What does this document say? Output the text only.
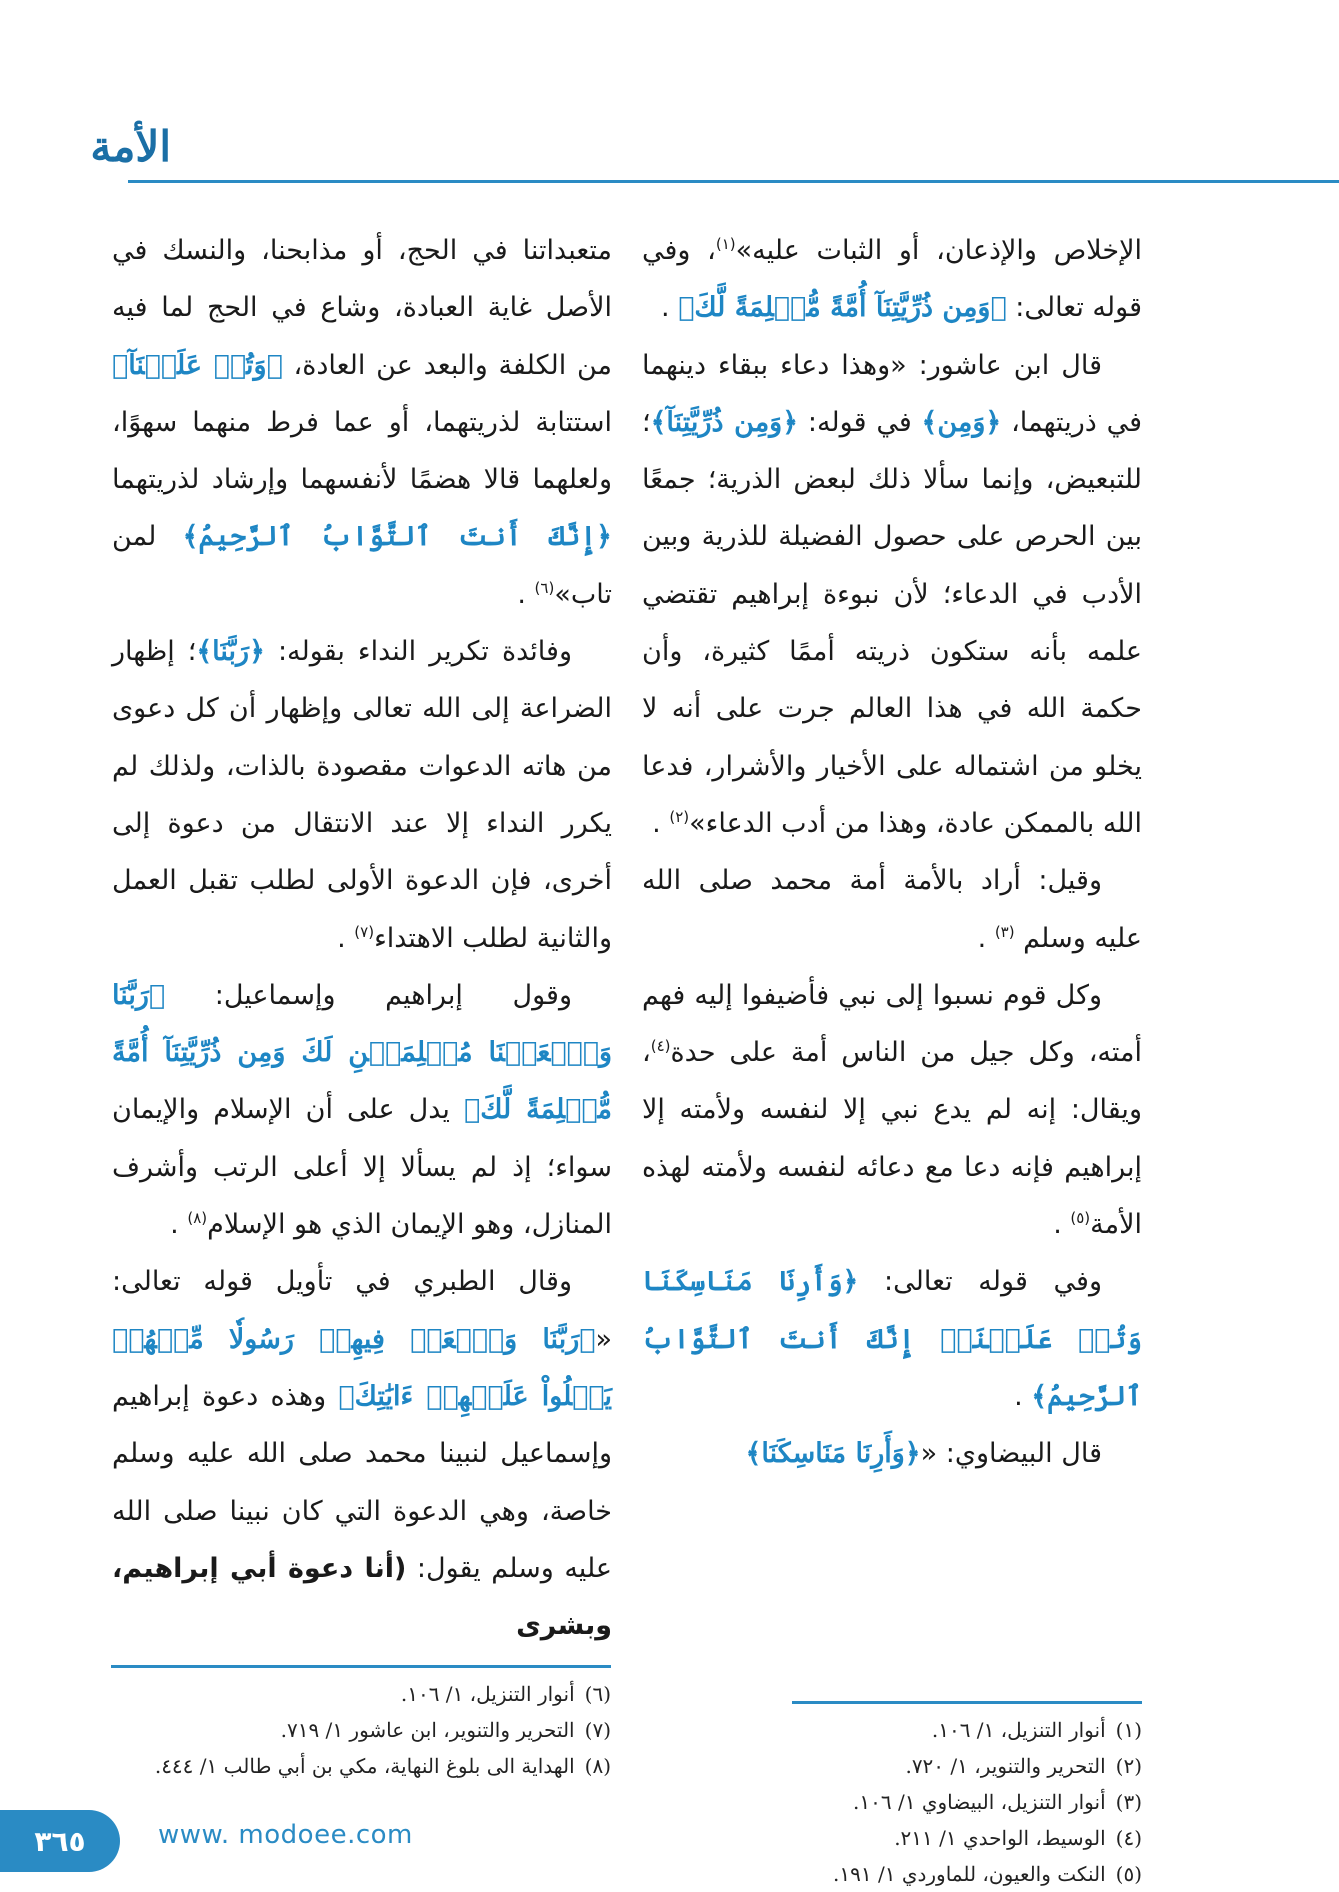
الأمة

الإخلاص والإذعان، أو الثبات عليه»$^{(١)}$، وفي قوله تعالى: ﴿وَمِن ذُرِّيَّتِنَآ أُمَّةً مُّسۡلِمَةً لَّكَ﴾ .

قال ابن عاشور: «وهذا دعاء ببقاء دينهما في ذريتهما، ﴿وَمِن﴾ في قوله: ﴿وَمِن ذُرِّيَّتِنَآ﴾؛ للتبعيض، وإنما سألا ذلك لبعض الذرية؛ جمعًا بين الحرص على حصول الفضيلة للذرية وبين الأدب في الدعاء؛ لأن نبوءة إبراهيم تقتضي علمه بأنه ستكون ذريته أممًا كثيرة، وأن حكمة الله في هذا العالم جرت على أنه لا يخلو من اشتماله على الأخيار والأشرار، فدعا الله بالممكن عادة، وهذا من أدب الدعاء»$^{(٢)}$ .

وقيل: أراد بالأمة أمة محمد صلى الله عليه وسلم $^{(٣)}$ .

وكل قوم نسبوا إلى نبي فأضيفوا إليه فهم أمته، وكل جيل من الناس أمة على حدة$^{(٤)}$، ويقال: إنه لم يدع نبي إلا لنفسه ولأمته إلا إبراهيم فإنه دعا مع دعائه لنفسه ولأمته لهذه الأمة$^{(٥)}$ .

وفي قوله تعالى: ﴿وَأَرِنَا مَنَاسِكَنَا وَتُبۡ عَلَيۡنَآۖ إِنَّكَ أَنتَ ٱلتَّوَّابُ ٱلرَّحِيمُ﴾ .

قال البيضاوي: «﴿وَأَرِنَا مَنَاسِكَنَا﴾

متعبداتنا في الحج، أو مذابحنا، والنسك في الأصل غاية العبادة، وشاع في الحج لما فيه من الكلفة والبعد عن العادة، ﴿وَتُبۡ عَلَيۡنَآ﴾ استتابة لذريتهما، أو عما فرط منهما سهوًا، ولعلهما قالا هضمًا لأنفسهما وإرشاد لذريتهما ﴿إِنَّكَ أَنتَ ٱلتَّوَّابُ ٱلرَّحِيمُ﴾ لمن تاب»$^{(٦)}$ .

وفائدة تكرير النداء بقوله: ﴿رَبَّنَا﴾؛ إظهار الضراعة إلى الله تعالى وإظهار أن كل دعوى من هاته الدعوات مقصودة بالذات، ولذلك لم يكرر النداء إلا عند الانتقال من دعوة إلى أخرى، فإن الدعوة الأولى لطلب تقبل العمل والثانية لطلب الاهتداء$^{(٧)}$ .

وقول إبراهيم وإسماعيل: ﴿رَبَّنَا وَٱجۡعَلۡنَا مُسۡلِمَيۡنِ لَكَ وَمِن ذُرِّيَّتِنَآ أُمَّةً مُّسۡلِمَةً لَّكَ﴾ يدل على أن الإسلام والإيمان سواء؛ إذ لم يسألا إلا أعلى الرتب وأشرف المنازل، وهو الإيمان الذي هو الإسلام$^{(٨)}$ .

وقال الطبري في تأويل قوله تعالى: «﴿رَبَّنَا وَٱبۡعَثۡ فِيهِمۡ رَسُولٗا مِّنۡهُمۡ يَتۡلُواْ عَلَيۡهِمۡ ءَايَٰتِكَ﴾ وهذه دعوة إبراهيم وإسماعيل لنبينا محمد صلى الله عليه وسلم خاصة، وهي الدعوة التي كان نبينا صلى الله عليه وسلم يقول: (أنا دعوة أبي إبراهيم، وبشرى

(١)
أنوار التنزيل، ١/ ١٠٦.
(٢)
التحرير والتنوير، ١/ ٧٢٠.
(٣)
أنوار التنزيل، البيضاوي ١/ ١٠٦.
(٤)
الوسيط، الواحدي ١/ ٢١١.
(٥)
النكت والعيون، للماوردي ١/ ١٩١.
(٦)
أنوار التنزيل، ١/ ١٠٦.
(٧)
التحرير والتنوير، ابن عاشور ١/ ٧١٩.
(٨)
الهداية الى بلوغ النهاية، مكي بن أبي طالب ١/ ٤٤٤.
٣٦٥	www. modoee.com
